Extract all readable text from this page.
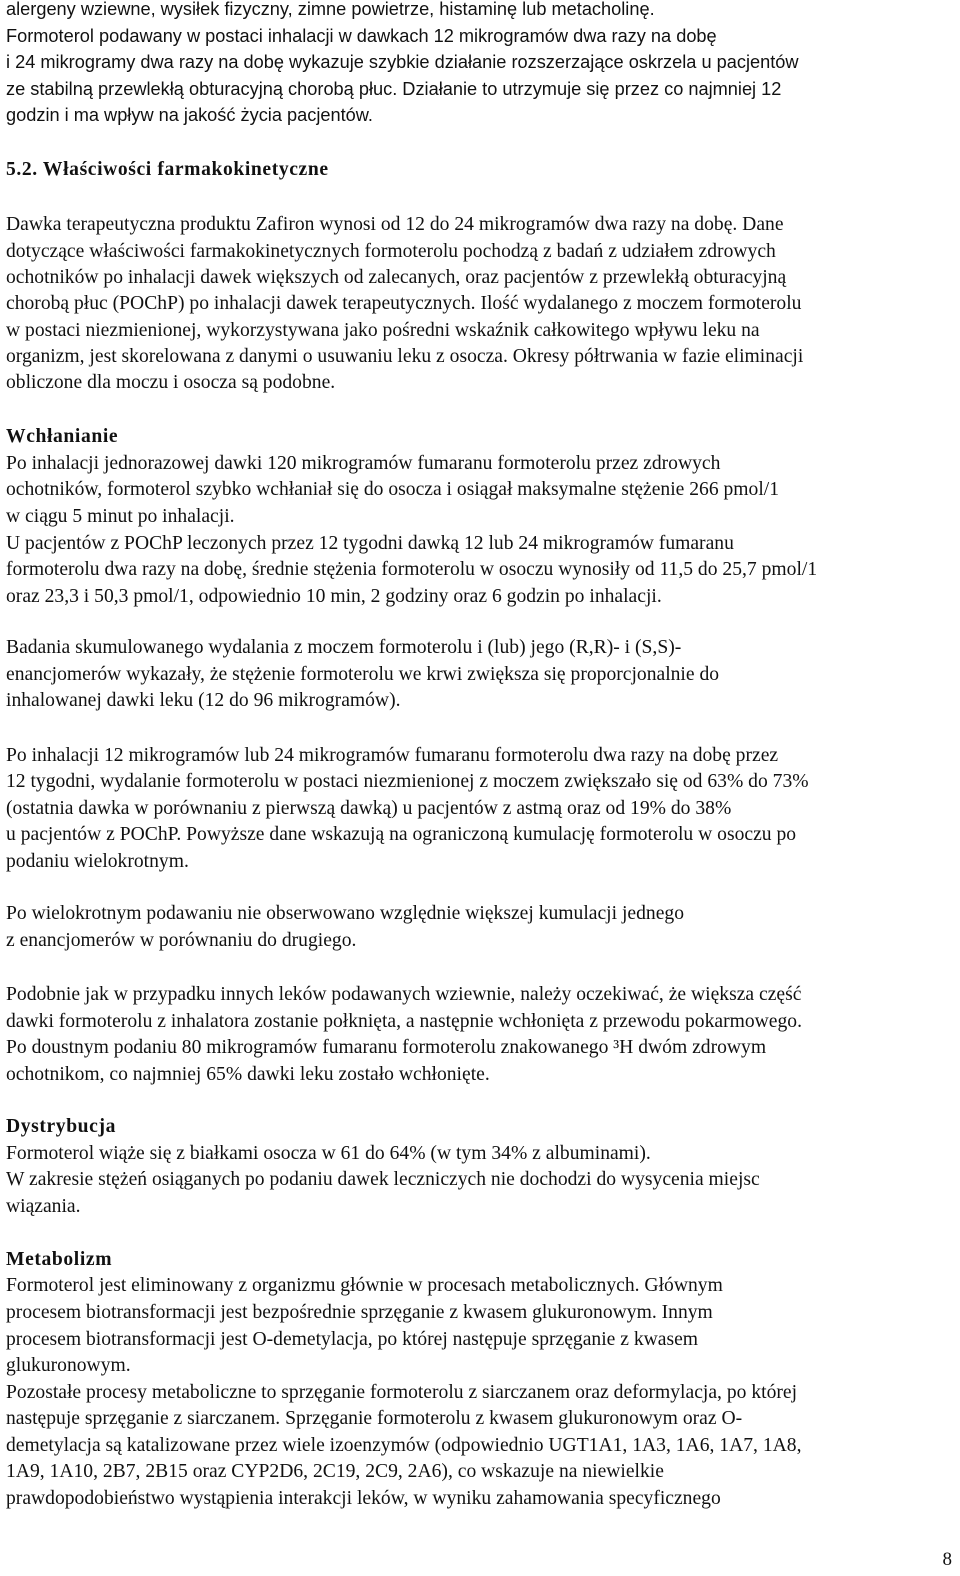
alergeny wziewne, wysiłek fizyczny, zimne powietrze, histaminę lub metacholinę.
Formoterol podawany w postaci inhalacji w dawkach 12 mikrogramów dwa razy na dobę
i 24 mikrogramy dwa razy na dobę wykazuje szybkie działanie rozszerzające oskrzela u pacjentów
ze stabilną przewlekłą obturacyjną chorobą płuc. Działanie to utrzymuje się przez co najmniej 12
godzin i ma wpływ na jakość życia pacjentów.
5.2. Właściwości farmakokinetyczne
Dawka terapeutyczna produktu Zafiron wynosi od 12 do 24 mikrogramów dwa razy na dobę. Dane
dotyczące właściwości farmakokinetycznych formoterolu pochodzą z badań z udziałem zdrowych
ochotników po inhalacji dawek większych od zalecanych, oraz pacjentów z przewlekłą obturacyjną
chorobą płuc (POChP) po inhalacji dawek terapeutycznych. Ilość wydalanego z moczem formoterolu
w postaci niezmienionej, wykorzystywana jako pośredni wskaźnik całkowitego wpływu leku na
organizm, jest skorelowana z danymi o usuwaniu leku z osocza. Okresy półtrwania w fazie eliminacji
obliczone dla moczu i osocza są podobne.
Wchłanianie
Po inhalacji jednorazowej dawki 120 mikrogramów fumaranu formoterolu przez zdrowych
ochotników, formoterol szybko wchłaniał się do osocza i osiągał maksymalne stężenie 266 pmol/1
w ciągu 5 minut po inhalacji.
U pacjentów z POChP leczonych przez 12 tygodni dawką 12 lub 24 mikrogramów fumaranu
formoterolu dwa razy na dobę, średnie stężenia formoterolu w osoczu wynosiły od 11,5 do 25,7 pmol/1
oraz 23,3 i 50,3 pmol/1, odpowiednio 10 min, 2 godziny oraz 6 godzin po inhalacji.
Badania skumulowanego wydalania z moczem formoterolu i (lub) jego (R,R)- i (S,S)-
enancjomerów wykazały, że stężenie formoterolu we krwi zwiększa się proporcjonalnie do
inhalowanej dawki leku (12 do 96 mikrogramów).
Po inhalacji 12 mikrogramów lub 24 mikrogramów fumaranu formoterolu dwa razy na dobę przez
12 tygodni, wydalanie formoterolu w postaci niezmienionej z moczem zwiększało się od 63% do 73%
(ostatnia dawka w porównaniu z pierwszą dawką) u pacjentów z astmą oraz od 19% do 38%
u pacjentów z POChP. Powyższe dane wskazują na ograniczoną kumulację formoterolu w osoczu po
podaniu wielokrotnym.
Po wielokrotnym podawaniu nie obserwowano względnie większej kumulacji jednego
z enancjomerów w porównaniu do drugiego.
Podobnie jak w przypadku innych leków podawanych wziewnie, należy oczekiwać, że większa część
dawki formoterolu z inhalatora zostanie połknięta, a następnie wchłonięta z przewodu pokarmowego.
Po doustnym podaniu 80 mikrogramów fumaranu formoterolu znakowanego ³H dwóm zdrowym
ochotnikom, co najmniej 65% dawki leku zostało wchłonięte.
Dystrybucja
Formoterol wiąże się z białkami osocza w 61 do 64% (w tym 34% z albuminami).
W zakresie stężeń osiąganych po podaniu dawek leczniczych nie dochodzi do wysycenia miejsc
wiązania.
Metabolizm
Formoterol jest eliminowany z organizmu głównie w procesach metabolicznych. Głównym
procesem biotransformacji jest bezpośrednie sprzęganie z kwasem glukuronowym. Innym
procesem biotransformacji jest O-demetylacja, po której następuje sprzęganie z kwasem
glukuronowym.
Pozostałe procesy metaboliczne to sprzęganie formoterolu z siarczanem oraz deformylacja, po której
następuje sprzęganie z siarczanem. Sprzęganie formoterolu z kwasem glukuronowym oraz O-
demetylacja są katalizowane przez wiele izoenzymów (odpowiednio UGT1A1, 1A3, 1A6, 1A7, 1A8,
1A9, 1A10, 2B7, 2B15 oraz CYP2D6, 2C19, 2C9, 2A6), co wskazuje na niewielkie
prawdopodobieństwo wystąpienia interakcji leków, w wyniku zahamowania specyficznego
8
